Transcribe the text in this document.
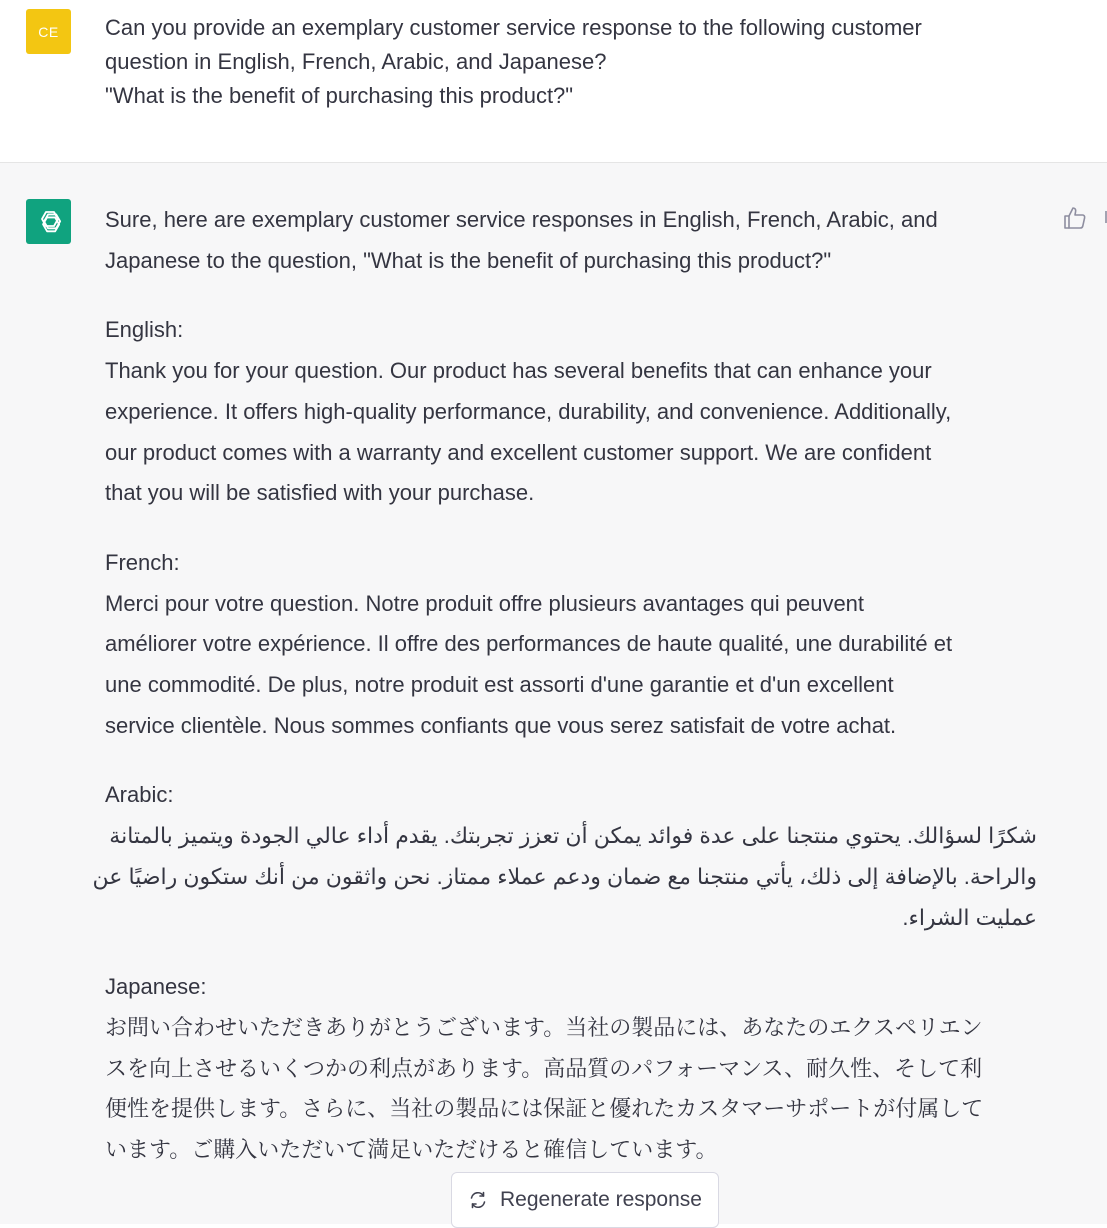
CE	Can you provide an exemplary customer service response to the following customer
question in English, French, Arabic, and Japanese?
"What is the benefit of purchasing this product?"

Sure, here are exemplary customer service responses in English, French, Arabic, and
Japanese to the question, "What is the benefit of purchasing this product?"

English:
Thank you for your question. Our product has several benefits that can enhance your
experience. It offers high-quality performance, durability, and convenience. Additionally,
our product comes with a warranty and excellent customer support. We are confident
that you will be satisfied with your purchase.

French:
Merci pour votre question. Notre produit offre plusieurs avantages qui peuvent
améliorer votre expérience. Il offre des performances de haute qualité, une durabilité et
une commodité. De plus, notre produit est assorti d'une garantie et d'un excellent
service clientèle. Nous sommes confiants que vous serez satisfait de votre achat.

Arabic:

شكرًا لسؤالك. يحتوي منتجنا على عدة فوائد يمكن أن تعزز تجربتك. يقدم أداء عالي الجودة ويتميز بالمتانة
والراحة. بالإضافة إلى ذلك، يأتي منتجنا مع ضمان ودعم عملاء ممتاز. نحن واثقون من أنك ستكون راضيًا عن
عمليت الشراء.

Japanese:
お問い合わせいただきありがとうございます。当社の製品には、あなたのエクスペリエン
スを向上させるいくつかの利点があります。高品質のパフォーマンス、耐久性、そして利
便性を提供します。さらに、当社の製品には保証と優れたカスタマーサポートが付属して
います。ご購入いただいて満足いただけると確信しています。

Regenerate response
